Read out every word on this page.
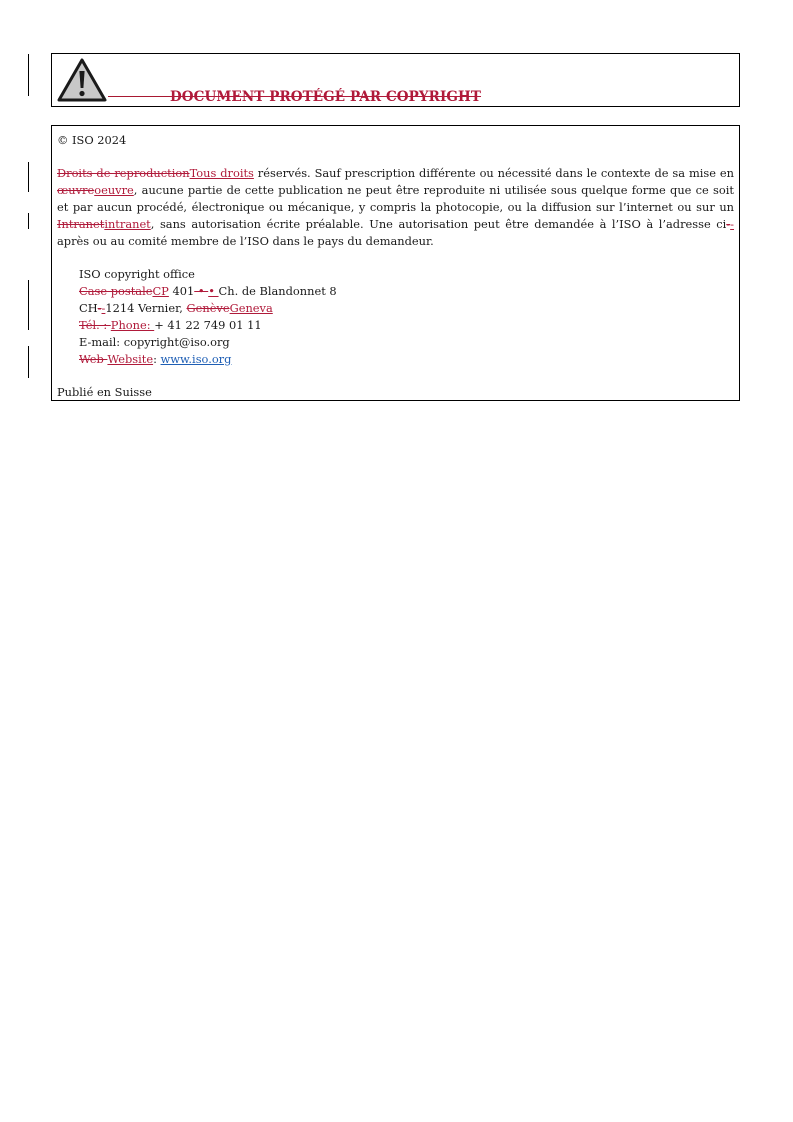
DOCUMENT PROTÉGÉ PAR COPYRIGHT

© ISO 2024

Droits de reproductionTous droits réservés. Sauf prescription différente ou nécessité dans le contexte de sa mise en œuvreoeuvre, aucune partie de cette publication ne peut être reproduite ni utilisée sous quelque forme que ce soit et par aucun procédé, électronique ou mécanique, y compris la photocopie, ou la diffusion sur l’internet ou sur un Intranetintranet, sans autorisation écrite préalable. Une autorisation peut être demandée à l’ISO à l’adresse ci--après ou au comité membre de l’ISO dans le pays du demandeur.

ISO copyright office
Case postaleCP 401 • • Ch. de Blandonnet 8
CH--1214 Vernier, GenèveGeneva
Tél. : Phone: + 41 22 749 01 11
E-mail: copyright@iso.org
Web Website: www.iso.org

Publié en Suisse
